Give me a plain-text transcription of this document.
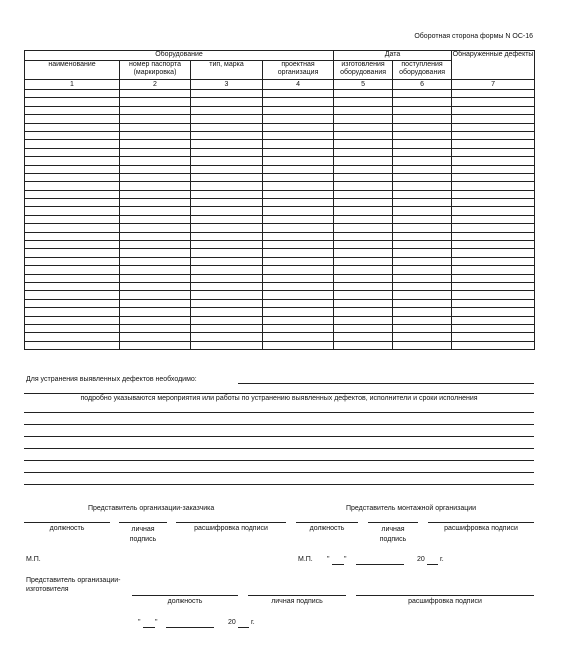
Оборотная сторона формы N ОС-16
Оборудование				Дата		Обнаруженные дефекты
наименование	номер паспорта (маркировка)	тип, марка	проектная организация	изготовления оборудования	поступления оборудования	
1	2	3	4	5	6	7

Для устранения выявленных дефектов необходимо:
подробно указываются мероприятия или работы по устранению выявленных дефектов, исполнители и сроки исполнения
Представитель организации-заказчика	Представитель монтажной организации
должность	личная подпись
расшифровка подписи	должность	личная подпись
расшифровка подписи
М.П.	М.П. " "	20 г.
Представитель организации-изготовителя
должность	личная подпись	расшифровка подписи
" "	20 г.
